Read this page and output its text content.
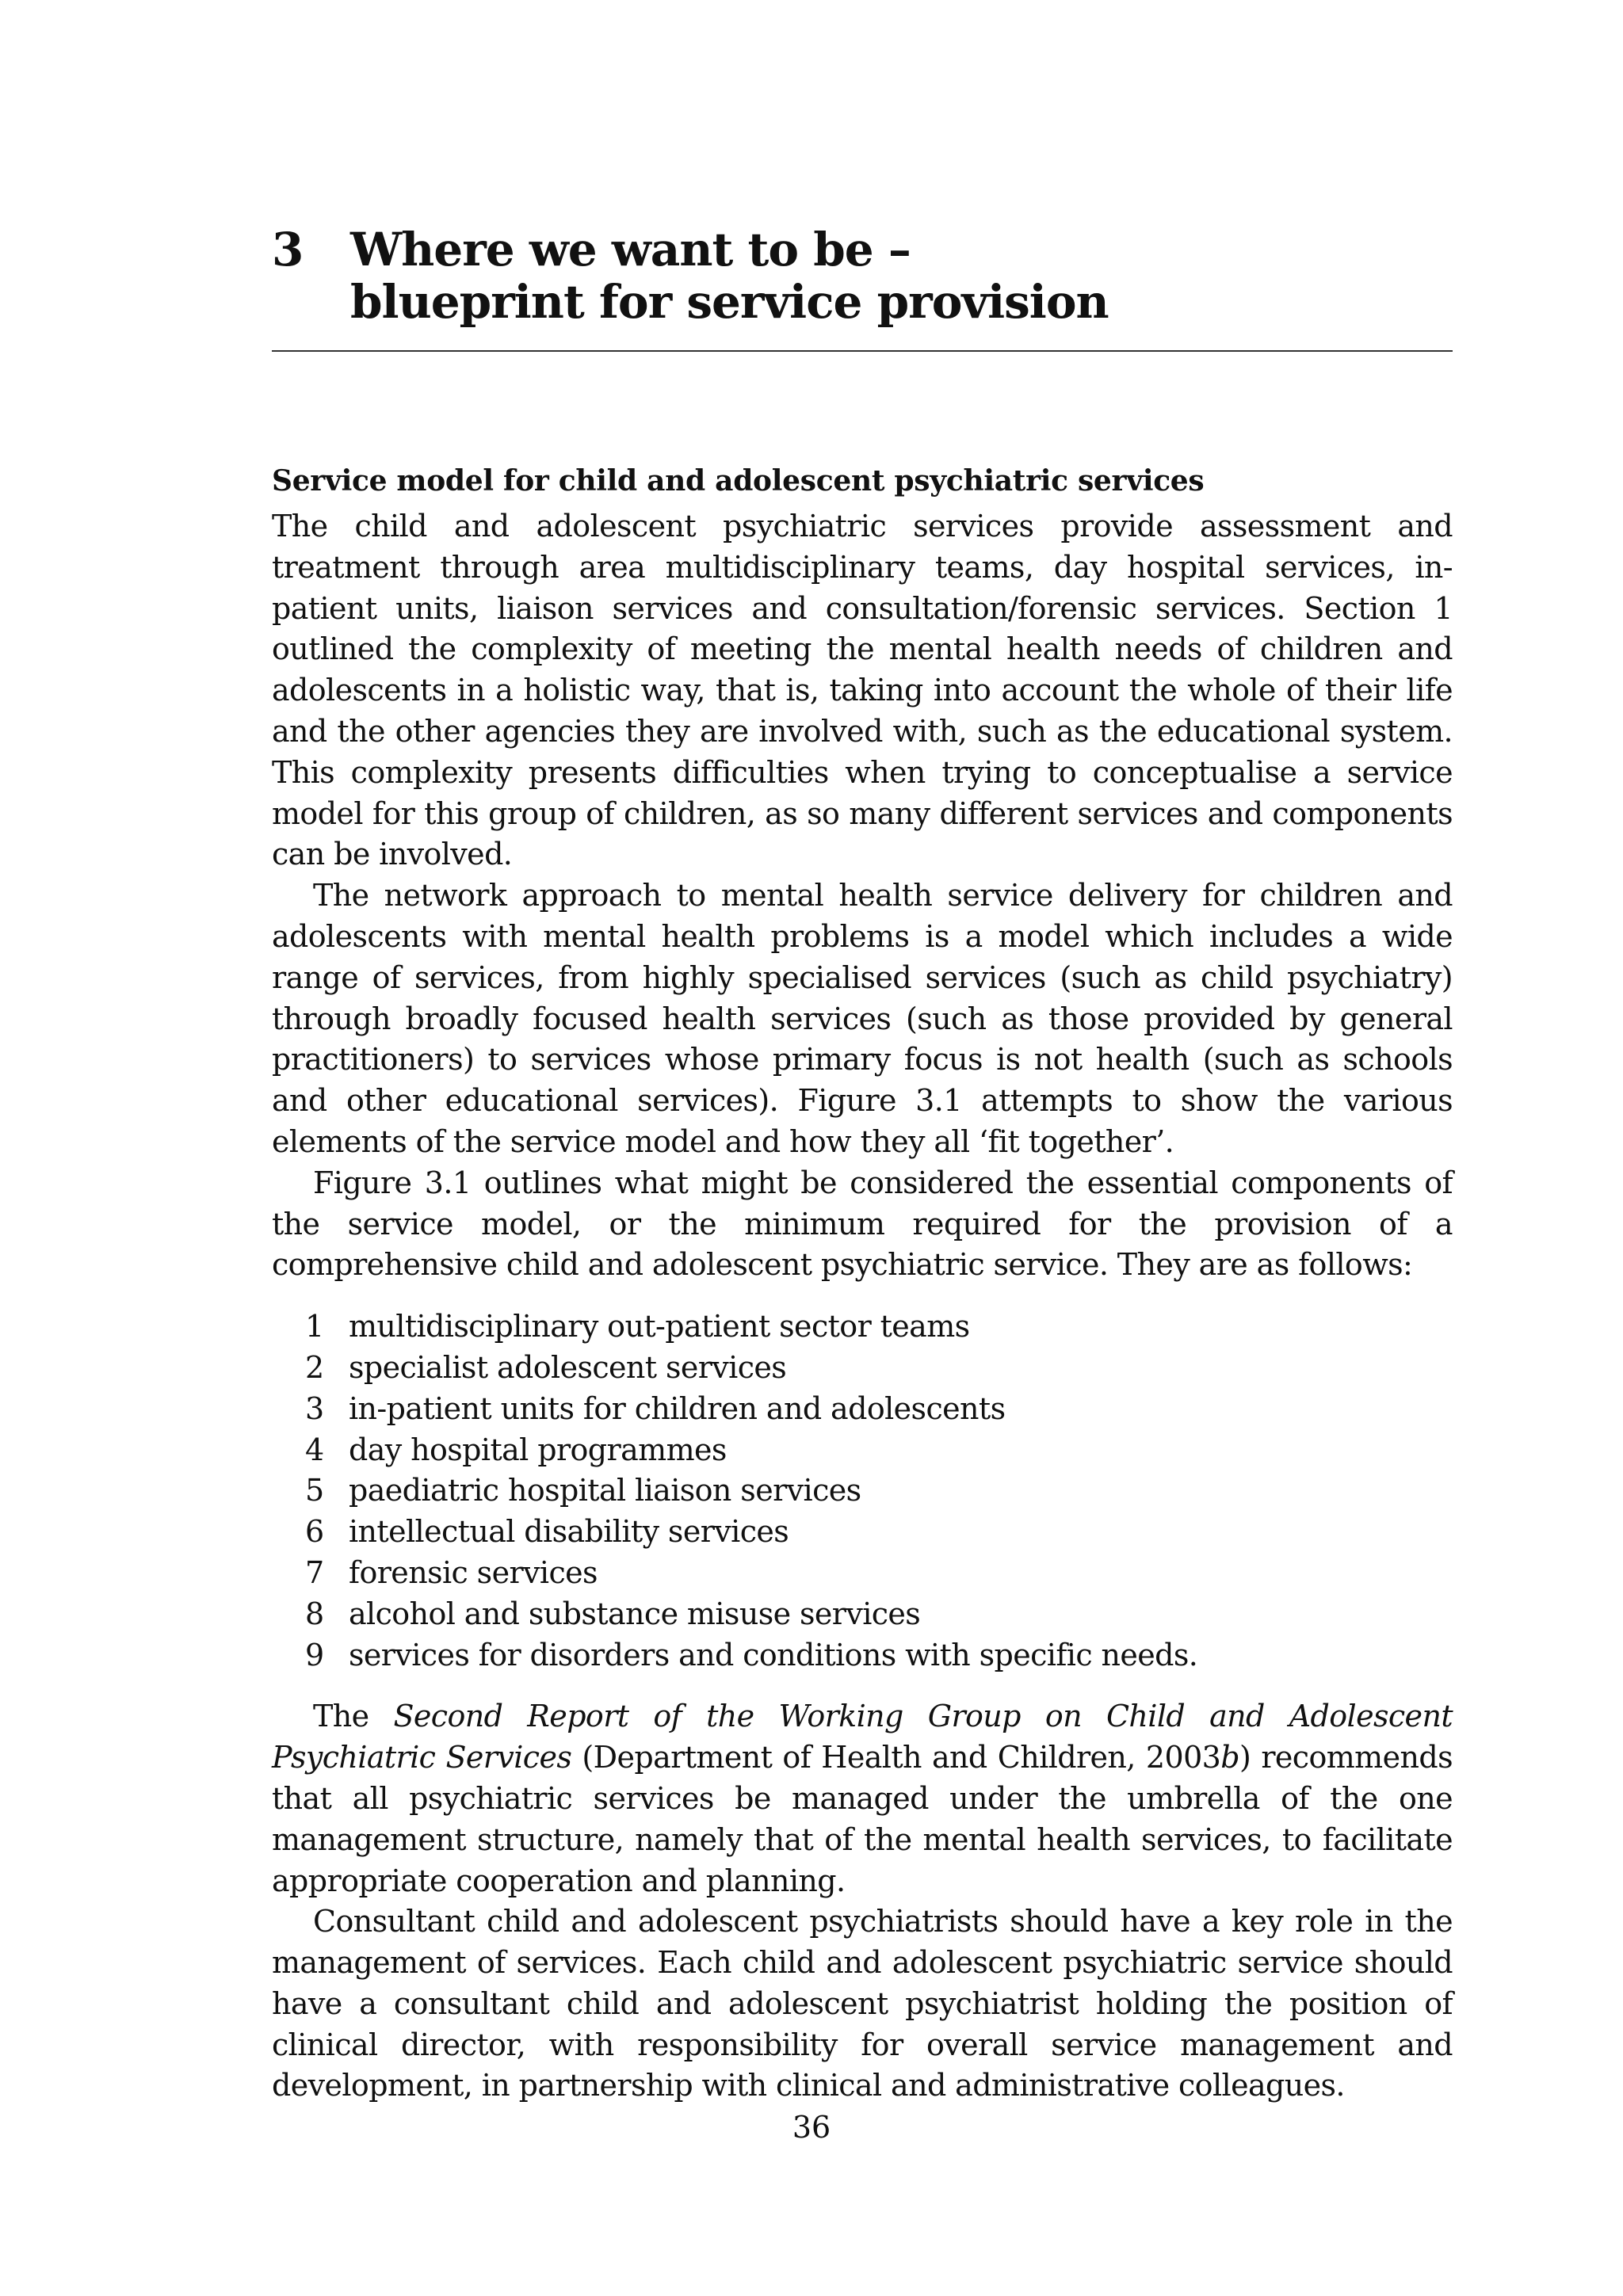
3 Where we want to be –
blueprint for service provision
Service model for child and adolescent psychiatric services

The child and adolescent psychiatric services provide assessment and treatment through area multidisciplinary teams, day hospital services, in-patient units, liaison services and consultation/forensic services. Section 1 outlined the complexity of meeting the mental health needs of children and adolescents in a holistic way, that is, taking into account the whole of their life and the other agencies they are involved with, such as the educational system. This complexity presents difficulties when trying to conceptualise a service model for this group of children, as so many different services and components can be involved.

The network approach to mental health service delivery for children and adolescents with mental health problems is a model which includes a wide range of services, from highly specialised services (such as child psychiatry) through broadly focused health services (such as those provided by general practitioners) to services whose primary focus is not health (such as schools and other educational services). Figure 3.1 attempts to show the various elements of the service model and how they all ‘fit together’.

Figure 3.1 outlines what might be considered the essential components of the service model, or the minimum required for the provision of a comprehensive child and adolescent psychiatric service. They are as follows:

1 multidisciplinary out-patient sector teams
2 specialist adolescent services
3 in-patient units for children and adolescents
4 day hospital programmes
5 paediatric hospital liaison services
6 intellectual disability services
7 forensic services
8 alcohol and substance misuse services
9 services for disorders and conditions with specific needs.

The Second Report of the Working Group on Child and Adolescent Psychiatric Services (Department of Health and Children, 2003b) recommends that all psychiatric services be managed under the umbrella of the one management structure, namely that of the mental health services, to facilitate appropriate cooperation and planning.

Consultant child and adolescent psychiatrists should have a key role in the management of services. Each child and adolescent psychiatric service should have a consultant child and adolescent psychiatrist holding the position of clinical director, with responsibility for overall service management and development, in partnership with clinical and administrative colleagues.

36
